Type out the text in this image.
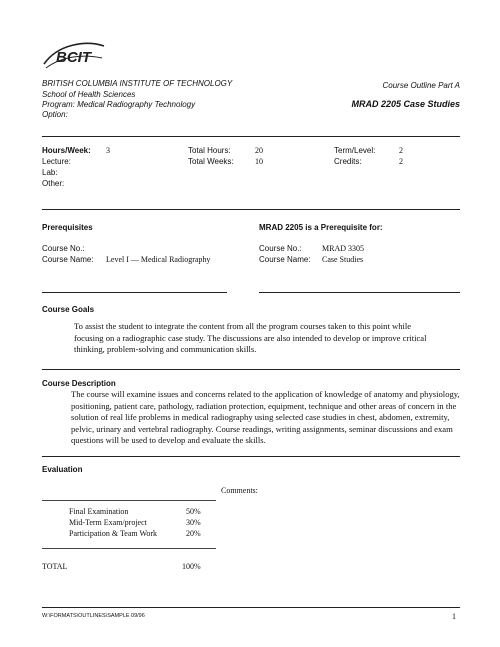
BCIT
BRITISH COLUMBIA INSTITUTE OF TECHNOLOGY
School of Health Sciences
Program: Medical Radiography Technology
Option:
Course Outline Part A
MRAD 2205 Case Studies
Hours/Week: 3
Lecture:
Lab:
Other:
Total Hours:	20
Total Weeks:	10
Term/Level:	2
Credits:	2
Prerequisites
Course No.:
Course Name: Level I — Medical Radiography
MRAD 2205 is a Prerequisite for:
Course No.:	MRAD 3305
Course Name: Case Studies
Course Goals
To assist the student to integrate the content from all the program courses taken to this point while focusing on a radiographic case study. The discussions are also intended to develop or improve critical thinking, problem-solving and communication skills.
Course Description
The course will examine issues and concerns related to the application of knowledge of anatomy and physiology, positioning, patient care, pathology, radiation protection, equipment, technique and other areas of concern in the solution of real life problems in medical radiography using selected case studies in chest, abdomen, extremity, pelvic, urinary and vertebral radiography. Course readings, writing assignments, seminar discussions and exam questions will be used to develop and evaluate the skills.
Evaluation
Comments:
Final Examination	50%
Mid-Term Exam/project	30%
Participation & Team Work	20%
TOTAL	100%
W:\FORMATS\OUTLINES\SAMPLE 09/96	1
